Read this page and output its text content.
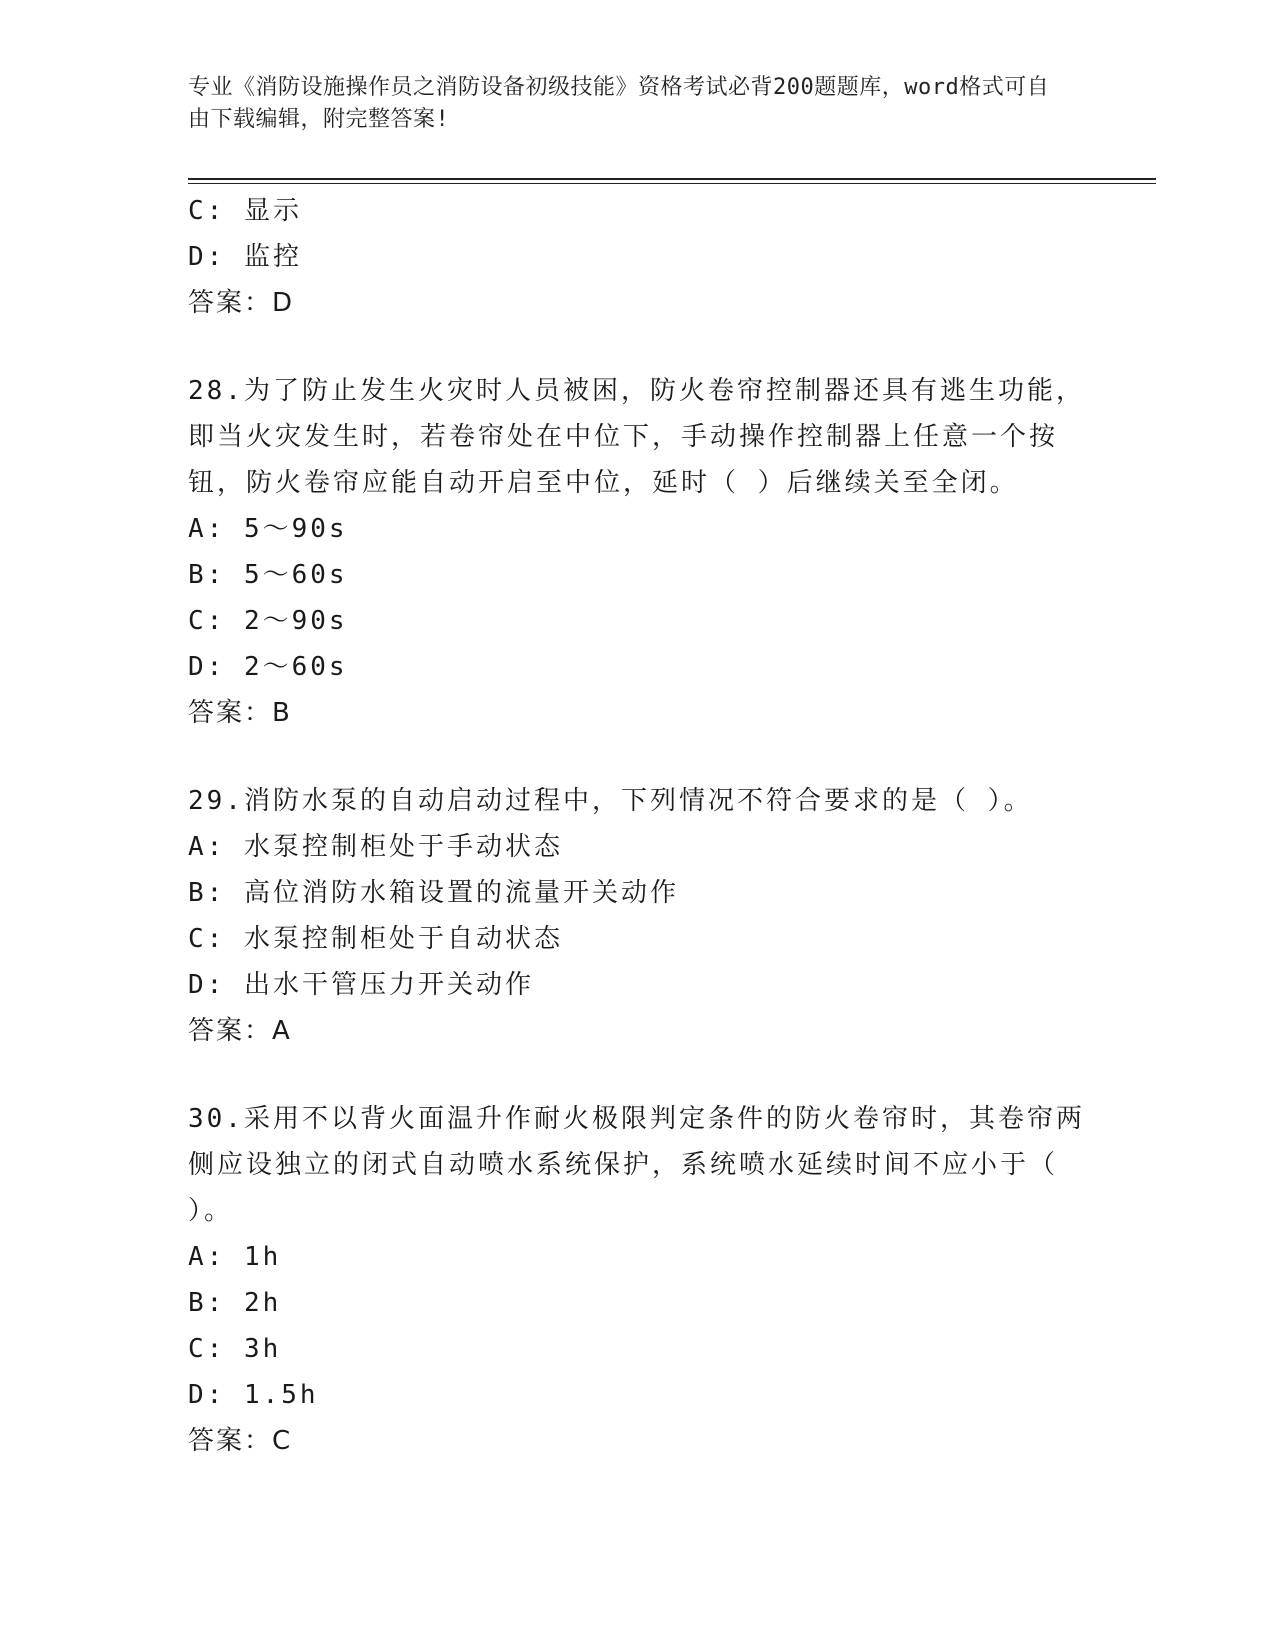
专业《消防设施操作员之消防设备初级技能》资格考试必背200题题库，word格式可自由下载编辑，附完整答案!
C: 显示
D: 监控
答案：D
28.为了防止发生火灾时人员被困，防火卷帘控制器还具有逃生功能，
即当火灾发生时，若卷帘处在中位下，手动操作控制器上任意一个按
钮，防火卷帘应能自动开启至中位，延时（ ）后继续关至全闭。
A: 5～90s
B: 5～60s
C: 2～90s
D: 2～60s
答案：B
29.消防水泵的自动启动过程中，下列情况不符合要求的是（ ）。
A: 水泵控制柜处于手动状态
B: 高位消防水箱设置的流量开关动作
C: 水泵控制柜处于自动状态
D: 出水干管压力开关动作
答案：A
30.采用不以背火面温升作耐火极限判定条件的防火卷帘时，其卷帘两
侧应设独立的闭式自动喷水系统保护，系统喷水延续时间不应小于（
）。
A: 1h
B: 2h
C: 3h
D: 1.5h
答案：C
